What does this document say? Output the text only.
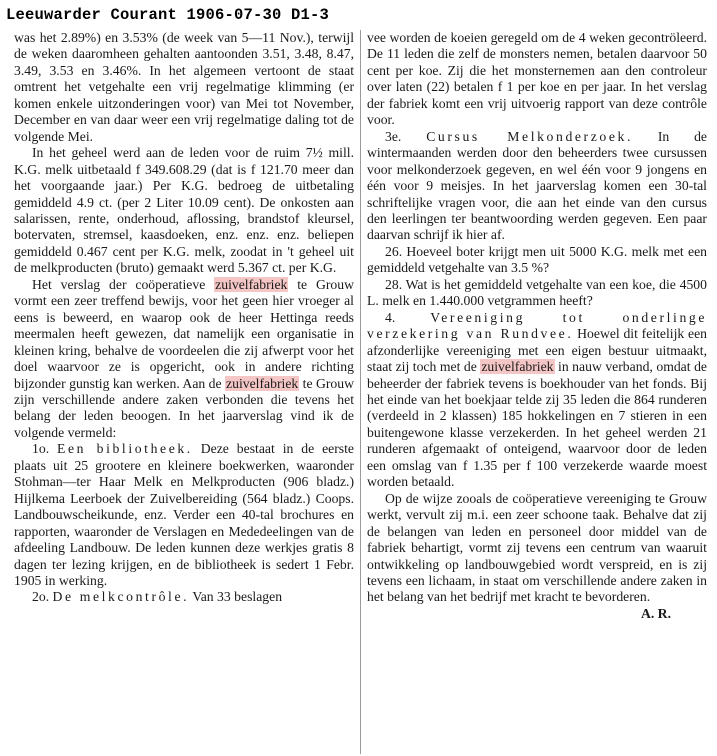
Leeuwarder Courant 1906-07-30 D1-3

was het 2.89%) en 3.53% (de week van 5—11 Nov.), terwijl de weken daaromheen gehalten aantoonden 3.51, 3.48, 8.47, 3.49, 3.53 en 3.46%. In het algemeen vertoont de staat omtrent het vetgehalte een vrij regelmatige klimming (er komen enkele uitzonderingen voor) van Mei tot November, December en van daar weer een vrij regelmatige daling tot de volgende Mei.

In het geheel werd aan de leden voor de ruim 7½ mill. K.G. melk uitbetaald f 349.608.29 (dat is f 121.70 meer dan het voorgaande jaar.) Per K.G. bedroeg de uitbetaling gemiddeld 4.9 ct. (per 2 Liter 10.09 cent). De onkosten aan salarissen, rente, onderhoud, aflossing, brandstof kleursel, botervaten, stremsel, kaasdoeken, enz. enz. enz. beliepen gemiddeld 0.467 cent per K.G. melk, zoodat in 't geheel uit de melkproducten (bruto) gemaakt werd 5.367 ct. per K.G.

Het verslag der coöperatieve zuivelfabriek te Grouw vormt een zeer treffend bewijs, voor het geen hier vroeger al eens is beweerd, en waarop ook de heer Hettinga reeds meermalen heeft gewezen, dat namelijk een organisatie in kleinen kring, behalve de voordeelen die zij afwerpt voor het doel waarvoor ze is opgericht, ook in andere richting bijzonder gunstig kan werken. Aan de zuivelfabriek te Grouw zijn verschillende andere zaken verbonden die tevens het belang der leden beoogen. In het jaarverslag vind ik de volgende vermeld:

1o. Een bibliotheek. Deze bestaat in de eerste plaats uit 25 grootere en kleinere boekwerken, waaronder Stohman—ter Haar Melk en Melkproducten (906 bladz.) Hijlkema Leerboek der Zuivelbereiding (564 bladz.) Coops. Landbouwscheikunde, enz. Verder een 40-tal brochures en rapporten, waaronder de Verslagen en Mededeelingen van de afdeeling Landbouw. De leden kunnen deze werkjes gratis 8 dagen ter lezing krijgen, en de bibliotheek is sedert 1 Febr. 1905 in werking.

2o. De melkcontrôle. Van 33 beslagen

vee worden de koeien geregeld om de 4 weken gecontröleerd. De 11 leden die zelf de monsters nemen, betalen daarvoor 50 cent per koe. Zij die het monsternemen aan den controleur over laten (22) betalen f 1 per koe en per jaar. In het verslag der fabriek komt een vrij uitvoerig rapport van deze contrôle voor.

3e. Cursus Melkonderzoek. In de wintermaanden werden door den beheerders twee cursussen voor melkonderzoek gegeven, en wel één voor 9 jongens en één voor 9 meisjes. In het jaarverslag komen een 30-tal schriftelijke vragen voor, die aan het einde van den cursus den leerlingen ter beantwoording werden gegeven. Een paar daarvan schrijf ik hier af.

26. Hoeveel boter krijgt men uit 5000 K.G. melk met een gemiddeld vetgehalte van 3.5 %?

28. Wat is het gemiddeld vetgehalte van een koe, die 4500 L. melk en 1.440.000 vetgrammen heeft?

4. Vereeniging tot onderlinge verzekering van Rundvee. Hoewel dit feitelijk een afzonderlijke vereeniging met een eigen bestuur uitmaakt, staat zij toch met de zuivelfabriek in nauw verband, omdat de beheerder der fabriek tevens is boekhouder van het fonds. Bij het einde van het boekjaar telde zij 35 leden die 864 runderen (verdeeld in 2 klassen) 185 hokkelingen en 7 stieren in een buitengewone klasse verzekerden. In het geheel werden 21 runderen afgemaakt of onteigend, waarvoor door de leden een omslag van f 1.35 per f 100 verzekerde waarde moest worden betaald.

Op de wijze zooals de coöperatieve vereeniging te Grouw werkt, vervult zij m.i. een zeer schoone taak. Behalve dat zij de belangen van leden en personeel door middel van de fabriek behartigt, vormt zij tevens een centrum van waaruit ontwikkeling op landbouwgebied wordt verspreid, en is zij tevens een lichaam, in staat om verschillende andere zaken in het belang van het bedrijf met kracht te bevorderen.

A. R.
